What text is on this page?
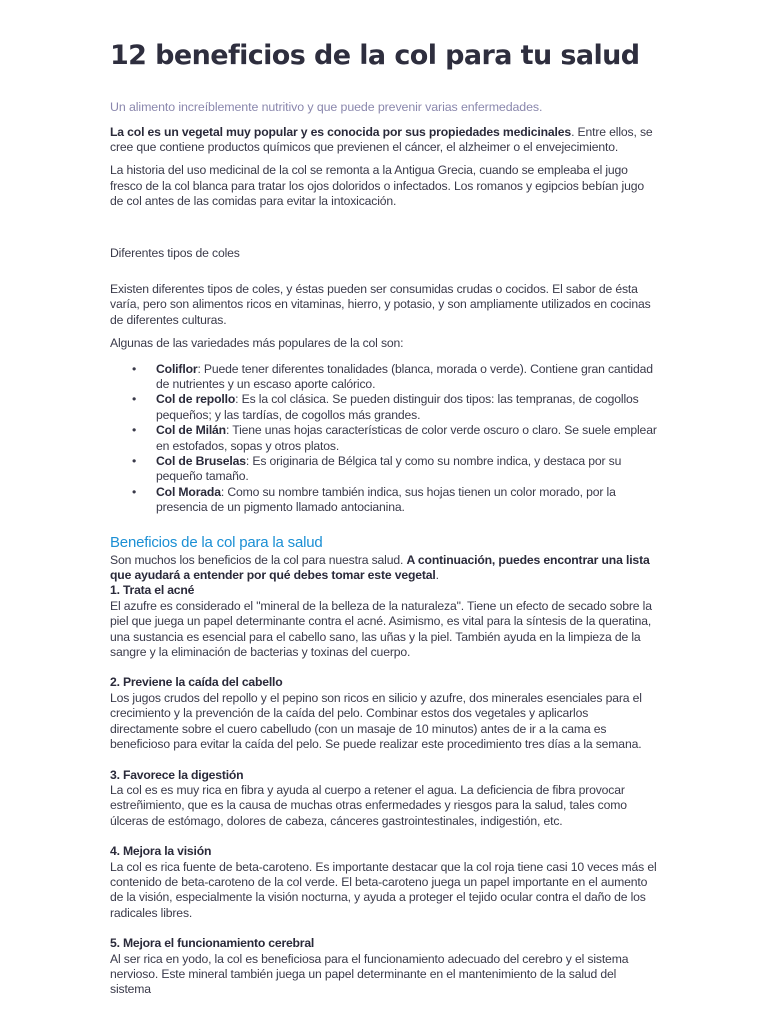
12 beneficios de la col para tu salud
Un alimento increíblemente nutritivo y que puede prevenir varias enfermedades.

La col es un vegetal muy popular y es conocida por sus propiedades medicinales. Entre ellos, se cree que contiene productos químicos que previenen el cáncer, el alzheimer o el envejecimiento.

La historia del uso medicinal de la col se remonta a la Antigua Grecia, cuando se empleaba el jugo fresco de la col blanca para tratar los ojos doloridos o infectados. Los romanos y egipcios bebían jugo de col antes de las comidas para evitar la intoxicación.

Diferentes tipos de coles

Existen diferentes tipos de coles, y éstas pueden ser consumidas crudas o cocidos. El sabor de ésta varía, pero son alimentos ricos en vitaminas, hierro, y potasio, y son ampliamente utilizados en cocinas de diferentes culturas.

Algunas de las variedades más populares de la col son:

• Coliflor: Puede tener diferentes tonalidades (blanca, morada o verde). Contiene gran cantidad de nutrientes y un escaso aporte calórico.
• Col de repollo: Es la col clásica. Se pueden distinguir dos tipos: las tempranas, de cogollos pequeños; y las tardías, de cogollos más grandes.
• Col de Milán: Tiene unas hojas características de color verde oscuro o claro. Se suele emplear en estofados, sopas y otros platos.
• Col de Bruselas: Es originaria de Bélgica tal y como su nombre indica, y destaca por su pequeño tamaño.
• Col Morada: Como su nombre también indica, sus hojas tienen un color morado, por la presencia de un pigmento llamado antocianina.
Beneficios de la col para la salud

Son muchos los beneficios de la col para nuestra salud. A continuación, puedes encontrar una lista que ayudará a entender por qué debes tomar este vegetal.

1. Trata el acné

El azufre es considerado el "mineral de la belleza de la naturaleza". Tiene un efecto de secado sobre la piel que juega un papel determinante contra el acné. Asimismo, es vital para la síntesis de la queratina, una sustancia es esencial para el cabello sano, las uñas y la piel. También ayuda en la limpieza de la sangre y la eliminación de bacterias y toxinas del cuerpo.

2. Previene la caída del cabello

Los jugos crudos del repollo y el pepino son ricos en silicio y azufre, dos minerales esenciales para el crecimiento y la prevención de la caída del pelo. Combinar estos dos vegetales y aplicarlos directamente sobre el cuero cabelludo (con un masaje de 10 minutos) antes de ir a la cama es beneficioso para evitar la caída del pelo. Se puede realizar este procedimiento tres días a la semana.

3. Favorece la digestión

La col es es muy rica en fibra y ayuda al cuerpo a retener el agua. La deficiencia de fibra provocar estreñimiento, que es la causa de muchas otras enfermedades y riesgos para la salud, tales como úlceras de estómago, dolores de cabeza, cánceres gastrointestinales, indigestión, etc.

4. Mejora la visión

La col es rica fuente de beta-caroteno. Es importante destacar que la col roja tiene casi 10 veces más el contenido de beta-caroteno de la col verde. El beta-caroteno juega un papel importante en el aumento de la visión, especialmente la visión nocturna, y ayuda a proteger el tejido ocular contra el daño de los radicales libres.

5. Mejora el funcionamiento cerebral

Al ser rica en yodo, la col es beneficiosa para el funcionamiento adecuado del cerebro y el sistema nervioso. Este mineral también juega un papel determinante en el mantenimiento de la salud del sistema
